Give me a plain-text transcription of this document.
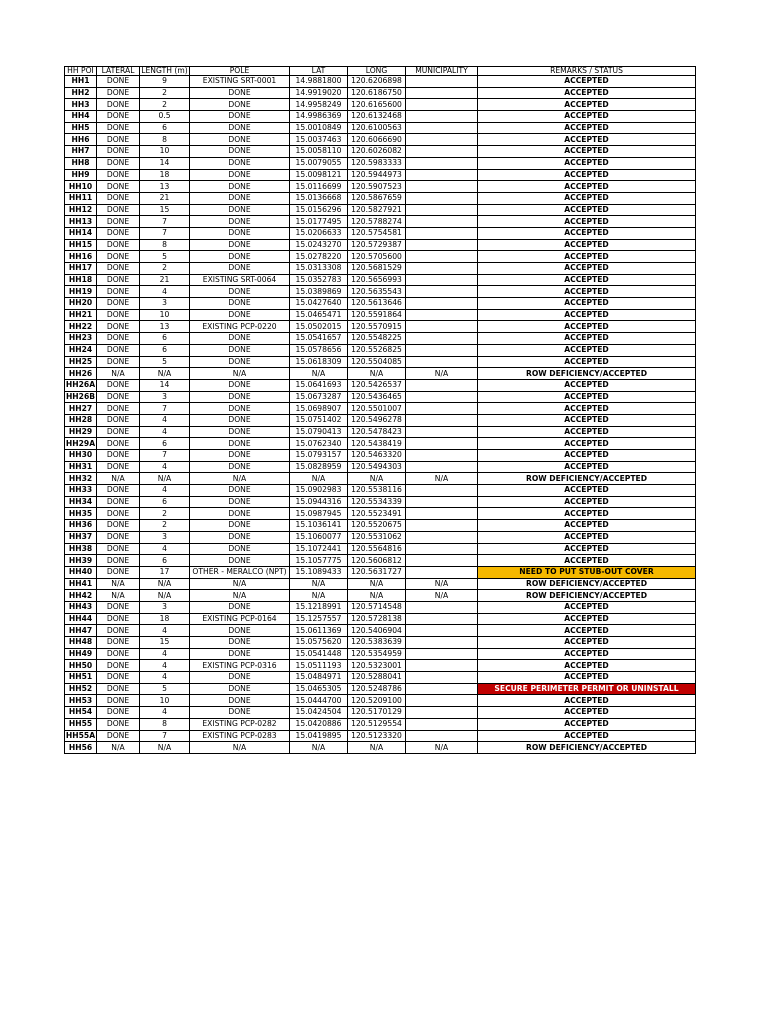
HH POI	LATERAL	LENGTH (m)	POLE	LAT	LONG	MUNICIPALITY	REMARKS / STATUS
HH1	DONE	9	EXISTING SRT-0001	14.9881800	120.6206898		ACCEPTED
HH2	DONE	2	DONE	14.9919020	120.6186750		ACCEPTED
HH3	DONE	2	DONE	14.9958249	120.6165600		ACCEPTED
HH4	DONE	0.5	DONE	14.9986369	120.6132468		ACCEPTED
HH5	DONE	6	DONE	15.0010849	120.6100563		ACCEPTED
HH6	DONE	8	DONE	15.0037463	120.6066690		ACCEPTED
HH7	DONE	10	DONE	15.0058110	120.6026082		ACCEPTED
HH8	DONE	14	DONE	15.0079055	120.5983333		ACCEPTED
HH9	DONE	18	DONE	15.0098121	120.5944973		ACCEPTED
HH10	DONE	13	DONE	15.0116699	120.5907523		ACCEPTED
HH11	DONE	21	DONE	15.0136668	120.5867659		ACCEPTED
HH12	DONE	15	DONE	15.0156296	120.5827921		ACCEPTED
HH13	DONE	7	DONE	15.0177495	120.5788274		ACCEPTED
HH14	DONE	7	DONE	15.0206633	120.5754581		ACCEPTED
HH15	DONE	8	DONE	15.0243270	120.5729387		ACCEPTED
HH16	DONE	5	DONE	15.0278220	120.5705600		ACCEPTED
HH17	DONE	2	DONE	15.0313308	120.5681529		ACCEPTED
HH18	DONE	21	EXISTING SRT-0064	15.0352783	120.5656993		ACCEPTED
HH19	DONE	4	DONE	15.0389869	120.5635543		ACCEPTED
HH20	DONE	3	DONE	15.0427640	120.5613646		ACCEPTED
HH21	DONE	10	DONE	15.0465471	120.5591864		ACCEPTED
HH22	DONE	13	EXISTING PCP-0220	15.0502015	120.5570915		ACCEPTED
HH23	DONE	6	DONE	15.0541657	120.5548225		ACCEPTED
HH24	DONE	6	DONE	15.0578656	120.5526825		ACCEPTED
HH25	DONE	5	DONE	15.0618309	120.5504085		ACCEPTED
HH26	N/A	N/A	N/A	N/A	N/A	N/A	ROW DEFICIENCY/ACCEPTED
HH26A	DONE	14	DONE	15.0641693	120.5426537		ACCEPTED
HH26B	DONE	3	DONE	15.0673287	120.5436465		ACCEPTED
HH27	DONE	7	DONE	15.0698907	120.5501007		ACCEPTED
HH28	DONE	4	DONE	15.0751402	120.5496278		ACCEPTED
HH29	DONE	4	DONE	15.0790413	120.5478423		ACCEPTED
HH29A	DONE	6	DONE	15.0762340	120.5438419		ACCEPTED
HH30	DONE	7	DONE	15.0793157	120.5463320		ACCEPTED
HH31	DONE	4	DONE	15.0828959	120.5494303		ACCEPTED
HH32	N/A	N/A	N/A	N/A	N/A	N/A	ROW DEFICIENCY/ACCEPTED
HH33	DONE	4	DONE	15.0902983	120.5538116		ACCEPTED
HH34	DONE	6	DONE	15.0944316	120.5534339		ACCEPTED
HH35	DONE	2	DONE	15.0987945	120.5523491		ACCEPTED
HH36	DONE	2	DONE	15.1036141	120.5520675		ACCEPTED
HH37	DONE	3	DONE	15.1060077	120.5531062		ACCEPTED
HH38	DONE	4	DONE	15.1072441	120.5564816		ACCEPTED
HH39	DONE	6	DONE	15.1057775	120.5606812		ACCEPTED
HH40	DONE	17	OTHER - MERALCO (NPT)	15.1089433	120.5631727		NEED TO PUT STUB-OUT COVER
HH41	N/A	N/A	N/A	N/A	N/A	N/A	ROW DEFICIENCY/ACCEPTED
HH42	N/A	N/A	N/A	N/A	N/A	N/A	ROW DEFICIENCY/ACCEPTED
HH43	DONE	3	DONE	15.1218991	120.5714548		ACCEPTED
HH44	DONE	18	EXISTING PCP-0164	15.1257557	120.5728138		ACCEPTED
HH47	DONE	4	DONE	15.0611369	120.5406904		ACCEPTED
HH48	DONE	15	DONE	15.0575620	120.5383639		ACCEPTED
HH49	DONE	4	DONE	15.0541448	120.5354959		ACCEPTED
HH50	DONE	4	EXISTING PCP-0316	15.0511193	120.5323001		ACCEPTED
HH51	DONE	4	DONE	15.0484971	120.5288041		ACCEPTED
HH52	DONE	5	DONE	15.0465305	120.5248786		SECURE PERIMETER PERMIT OR UNINSTALL
HH53	DONE	10	DONE	15.0444700	120.5209100		ACCEPTED
HH54	DONE	4	DONE	15.0424504	120.5170129		ACCEPTED
HH55	DONE	8	EXISTING PCP-0282	15.0420886	120.5129554		ACCEPTED
HH55A	DONE	7	EXISTING PCP-0283	15.0419895	120.5123320		ACCEPTED
HH56	N/A	N/A	N/A	N/A	N/A	N/A	ROW DEFICIENCY/ACCEPTED
